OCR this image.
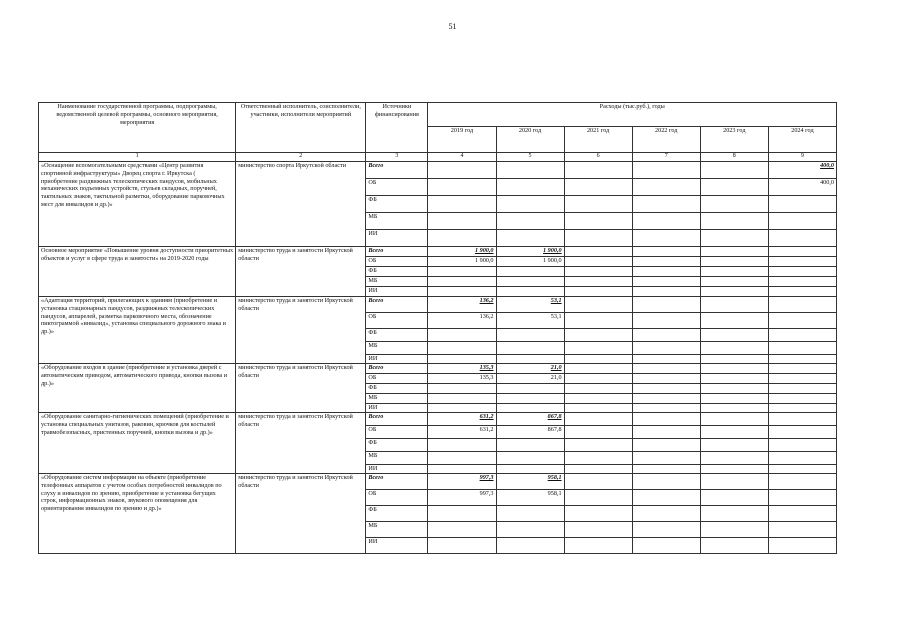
51
Наименование государственной программы, подпрограммы, ведомственной целевой программы, основного мероприятия, мероприятия	Ответственный исполнитель, соисполнители, участники, исполнители мероприятий	Источники финансирования	Расходы (тыс.руб.), годы					
			2019 год	2020 год	2021 год	2022 год	2023 год	2024 год
1	2	3	4	5	6	7	8	9
«Оснащение вспомогательными средствами «Центр развития спортивной инфраструктуры» Дворец спорта г. Иркутска ( приобретение раздвижных телескопических пандусов, мобильных механических подъемных устройств, стульев складных, поручней, тактильных знаков, тактильной разметки, оборудование парковочных мест для инвалидов и др.)»	министерство спорта Иркутской области	Всего						400,0
		ОБ						400,0
		ФБ						
		МБ						
		ИИ						
Основное мероприятие «Повышение уровня доступности приоритетных объектов и услуг в сфере труда и занятости» на 2019-2020 годы	министерство труда и занятости Иркутской области	Всего	1 900,0	1 900,0				
		ОБ	1 900,0	1 900,0				
		ФБ						
		МБ						
		ИИ						
«Адаптация территорий, прилегающих к зданиям (приобретение и установка стационарных пандусов, раздвижных телескопических пандусов, аппарелей, разметка парковочного места, обозначение пиктограммой «инвалид», установка специального дорожного знака и др.)»	министерство труда и занятости Иркутской области	Всего	136,2	53,1				
		ОБ	136,2	53,1				
		ФБ						
		МБ						
		ИИ						
«Оборудование входов в здание (приобретение и установка дверей с автоматическим приводом, автоматического привода, кнопки вызова и др.)»	министерство труда и занятости Иркутской области	Всего	135,3	21,0				
		ОБ	135,3	21,0				
		ФБ						
		МБ						
		ИИ						
«Оборудование санитарно-гигиенических помещений (приобретение и установка специальных унитазов, раковин, крючков для костылей травмобезопасных, пристенных поручней, кнопки вызова и др.)»	министерство труда и занятости Иркутской области	Всего	631,2	867,8				
		ОБ	631,2	867,8				
		ФБ						
		МБ						
		ИИ						
«Оборудование систем информации на объекте (приобретение телефонных аппаратов с учетом особых потребностей инвалидов по слуху и инвалидов по зрению, приобретение и установка бегущих строк, информационных знаков, звукового оповещения для ориентирования инвалидов по зрению и др.)»	министерство труда и занятости Иркутской области	Всего	997,3	958,1				
		ОБ	997,3	958,1				
		ФБ						
		МБ						
		ИИ						
